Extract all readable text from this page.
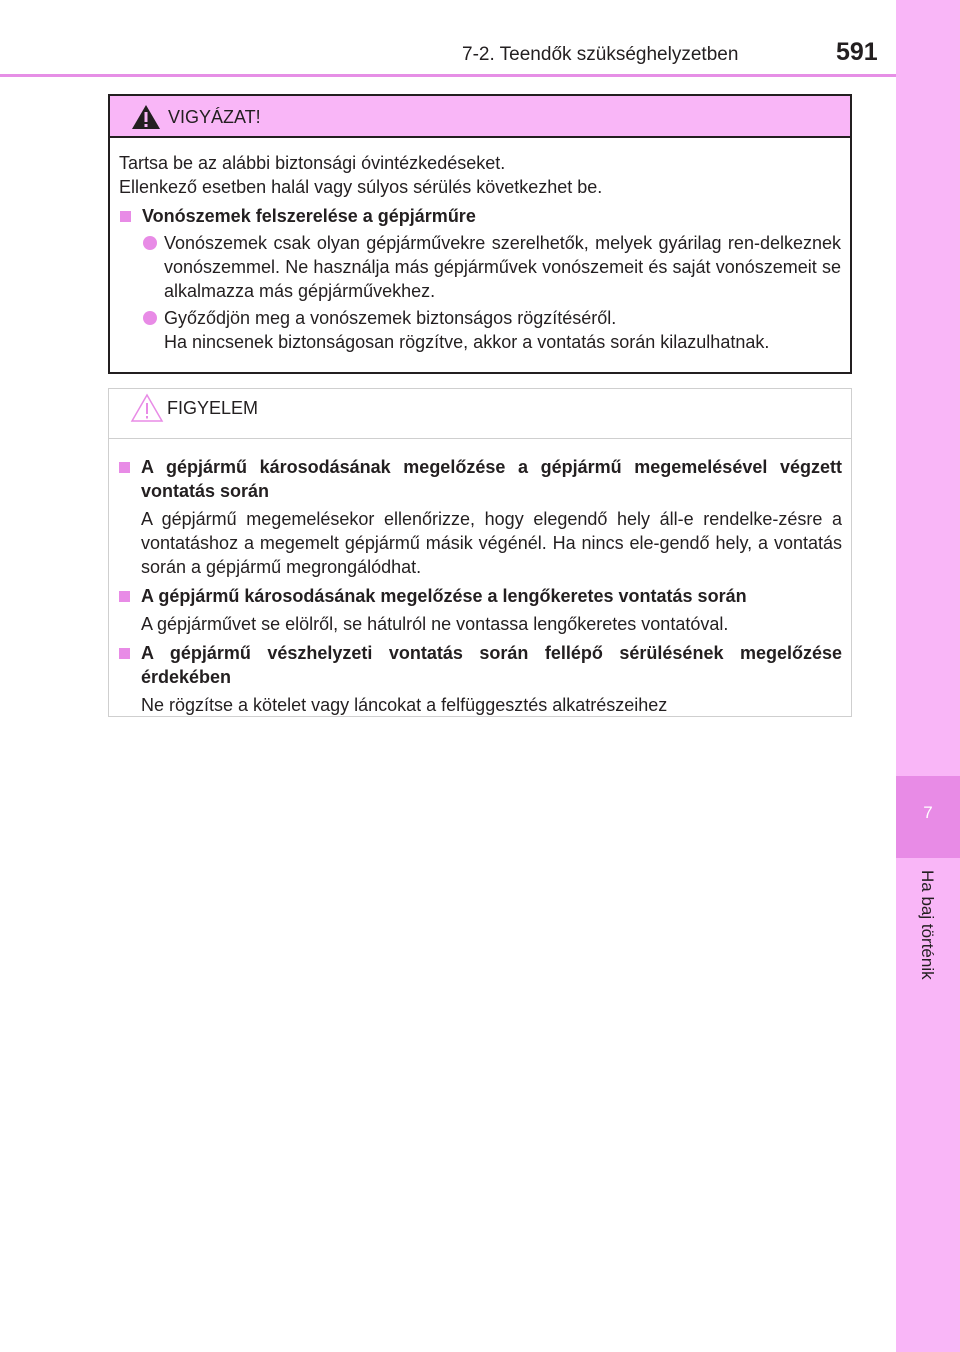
7-2. Teendők szükséghelyzetben	591
7
Ha baj történik
VIGYÁZAT!

Tartsa be az alábbi biztonsági óvintézkedéseket.

Ellenkező esetben halál vagy súlyos sérülés következhet be.

Vonószemek felszerelése a gépjárműre
Vonószemek csak olyan gépjárművekre szerelhetők, melyek gyárilag ren-delkeznek vonószemmel. Ne használja más gépjárművek vonószemeit és saját vonószemeit se alkalmazza más gépjárművekhez.
Győződjön meg a vonószemek biztonságos rögzítéséről.
Ha nincsenek biztonságosan rögzítve, akkor a vontatás során kilazulhatnak.
FIGYELEM
A gépjármű károsodásának megelőzése a gépjármű megemelésével végzett vontatás során
A gépjármű megemelésekor ellenőrizze, hogy elegendő hely áll-e rendelke-zésre a vontatáshoz a megemelt gépjármű másik végénél. Ha nincs ele-gendő hely, a vontatás során a gépjármű megrongálódhat.
A gépjármű károsodásának megelőzése a lengőkeretes vontatás során
A gépjárművet se elölről, se hátulról ne vontassa lengőkeretes vontatóval.
A gépjármű vészhelyzeti vontatás során fellépő sérülésének megelőzése érdekében
Ne rögzítse a kötelet vagy láncokat a felfüggesztés alkatrészeihez
